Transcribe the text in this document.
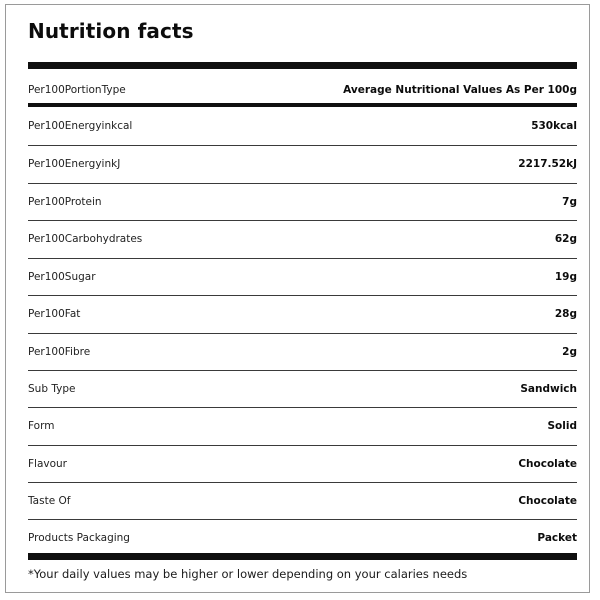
Nutrition facts
Per100PortionType	Average Nutritional Values As Per 100g
Per100Energyinkcal	530kcal
Per100EnergyinkJ	2217.52kJ
Per100Protein	7g
Per100Carbohydrates	62g
Per100Sugar	19g
Per100Fat	28g
Per100Fibre	2g
Sub Type	Sandwich
Form	Solid
Flavour	Chocolate
Taste Of	Chocolate
Products Packaging	Packet
*Your daily values may be higher or lower depending on your calaries needs
